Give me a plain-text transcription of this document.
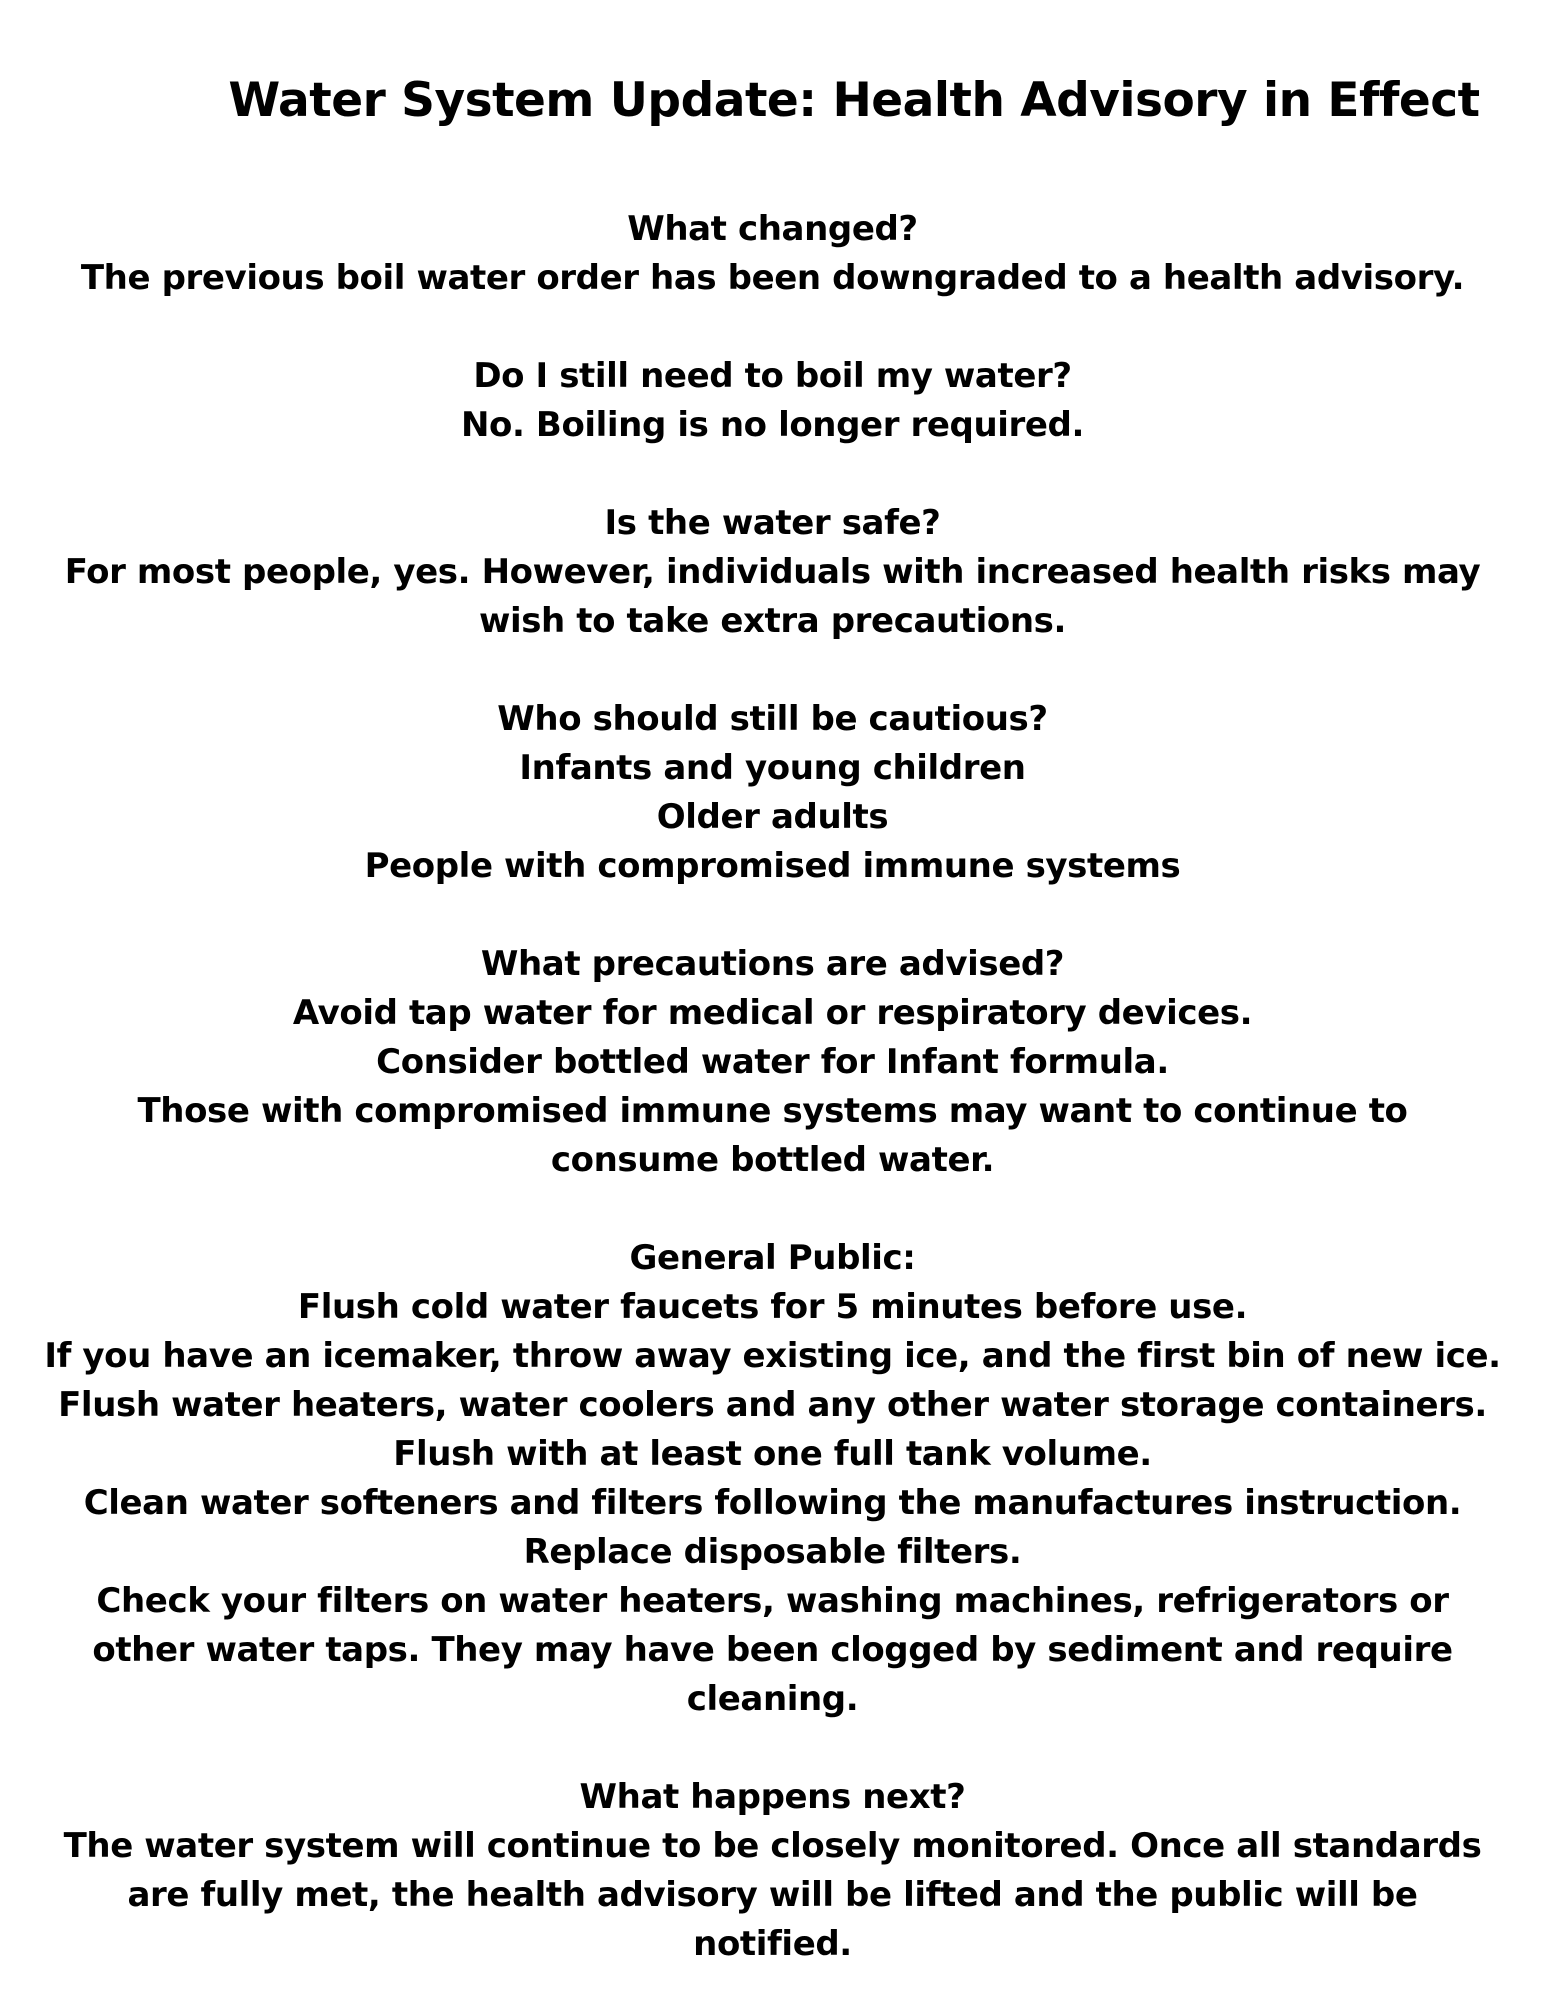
Water System Update: Health Advisory in Effect

What changed?

The previous boil water order has been downgraded to a health advisory.

Do I still need to boil my water?

No. Boiling is no longer required.

Is the water safe?

For most people, yes. However, individuals with increased health risks may wish to take extra precautions.

Who should still be cautious?

Infants and young children

Older adults

People with compromised immune systems

What precautions are advised?

Avoid tap water for medical or respiratory devices.

Consider bottled water for Infant formula.

Those with compromised immune systems may want to continue to consume bottled water.

General Public:

Flush cold water faucets for 5 minutes before use.

If you have an icemaker, throw away existing ice, and the first bin of new ice.

Flush water heaters, water coolers and any other water storage containers.

Flush with at least one full tank volume.

Clean water softeners and filters following the manufactures instruction.

Replace disposable filters.

Check your filters on water heaters, washing machines, refrigerators or other water taps. They may have been clogged by sediment and require cleaning.

What happens next?

The water system will continue to be closely monitored. Once all standards are fully met, the health advisory will be lifted and the public will be notified.
